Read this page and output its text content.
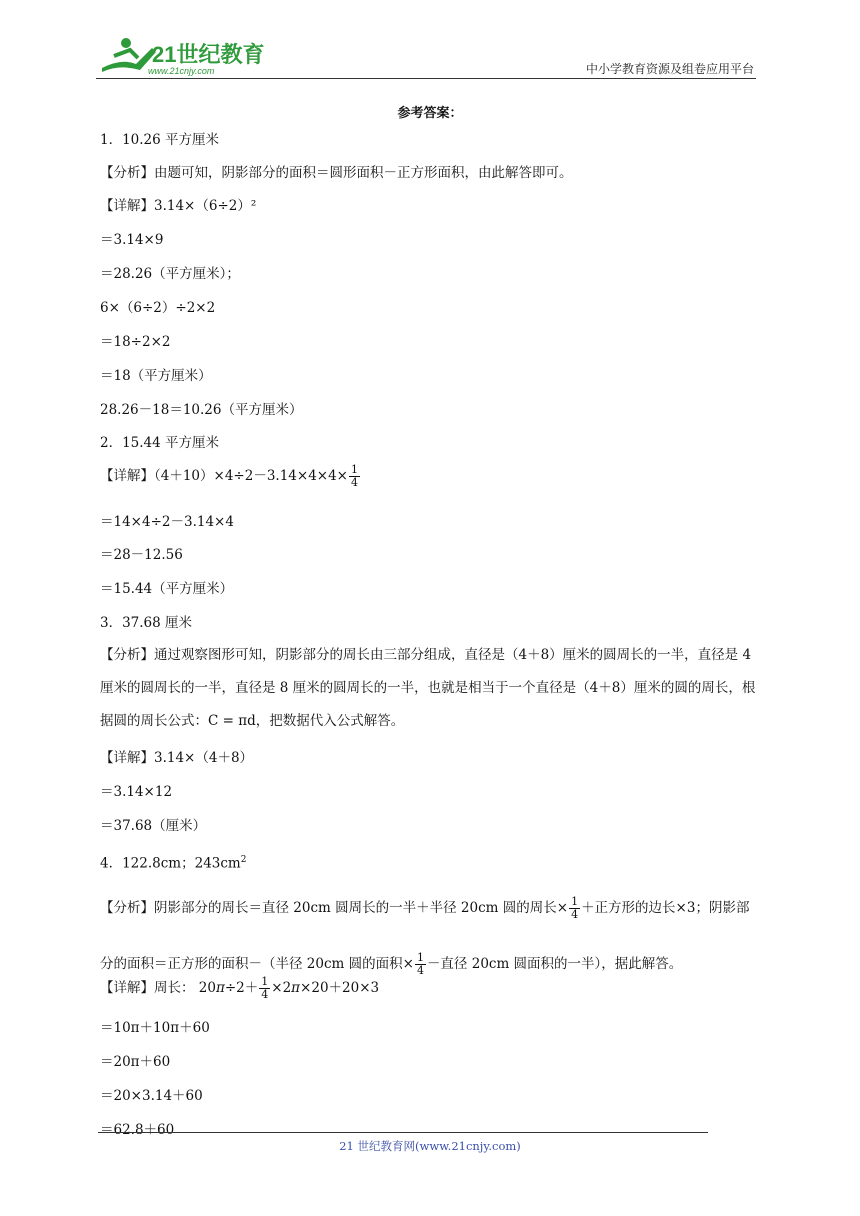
21世纪教育
www.21cnjy.com	中小学教育资源及组卷应用平台
参考答案：
1．10.26 平方厘米
【分析】由题可知，阴影部分的面积＝圆形面积－正方形面积，由此解答即可。
【详解】3.14×（6÷2）²
＝3.14×9
＝28.26（平方厘米）；
6×（6÷2）÷2×2
＝18÷2×2
＝18（平方厘米）
28.26－18＝10.26（平方厘米）
2．15.44 平方厘米
【详解】$(4+10)\times 4\div 2-3.14\times 4\times 4\times \frac{1}{4}$
＝14×4÷2－3.14×4
＝28－12.56
＝15.44（平方厘米）
3．37.68 厘米
【分析】通过观察图形可知，阴影部分的周长由三部分组成，直径是（4＋8）厘米的圆周长的一半，直径是 4 厘米的圆周长的一半，直径是 8 厘米的圆周长的一半，也就是相当于一个直径是（4＋8）厘米的圆的周长，根据圆的周长公式：C = πd，把数据代入公式解答。
【详解】3.14×（4＋8）
＝3.14×12
＝37.68（厘米）
4．122.8cm；$243cm^2$
【分析】阴影部分的周长＝直径 20cm 圆周长的一半＋半径 20cm 圆的周长× $\frac{1}{4}$ ＋正方形的边长×3；阴影部分的面积＝正方形的面积－（半径 20cm 圆的面积× $\frac{1}{4}$ －直径 20cm 圆面积的一半），据此解答。
【详解】周长： $20\pi\div 2+ \frac{1}{4} \times 2\pi\times 20+20\times 3$
＝10π＋10π＋60
＝20π＋60
＝20×3.14＋60
＝62.8＋60
21 世纪教育网(www.21cnjy.com)
